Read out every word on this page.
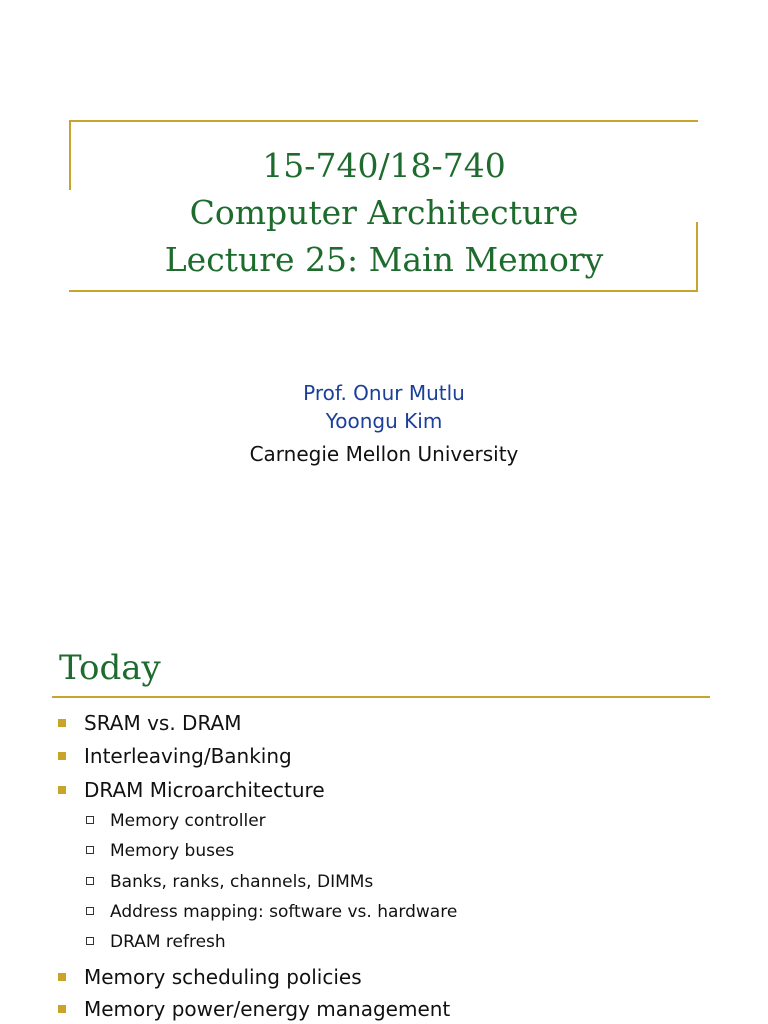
15-740/18-740
Computer Architecture
Lecture 25: Main Memory
Prof. Onur Mutlu
Yoongu Kim
Carnegie Mellon University
Today
SRAM vs. DRAM
Interleaving/Banking
DRAM Microarchitecture
Memory controller
Memory buses
Banks, ranks, channels, DIMMs
Address mapping: software vs. hardware
DRAM refresh
Memory scheduling policies
Memory power/energy management
